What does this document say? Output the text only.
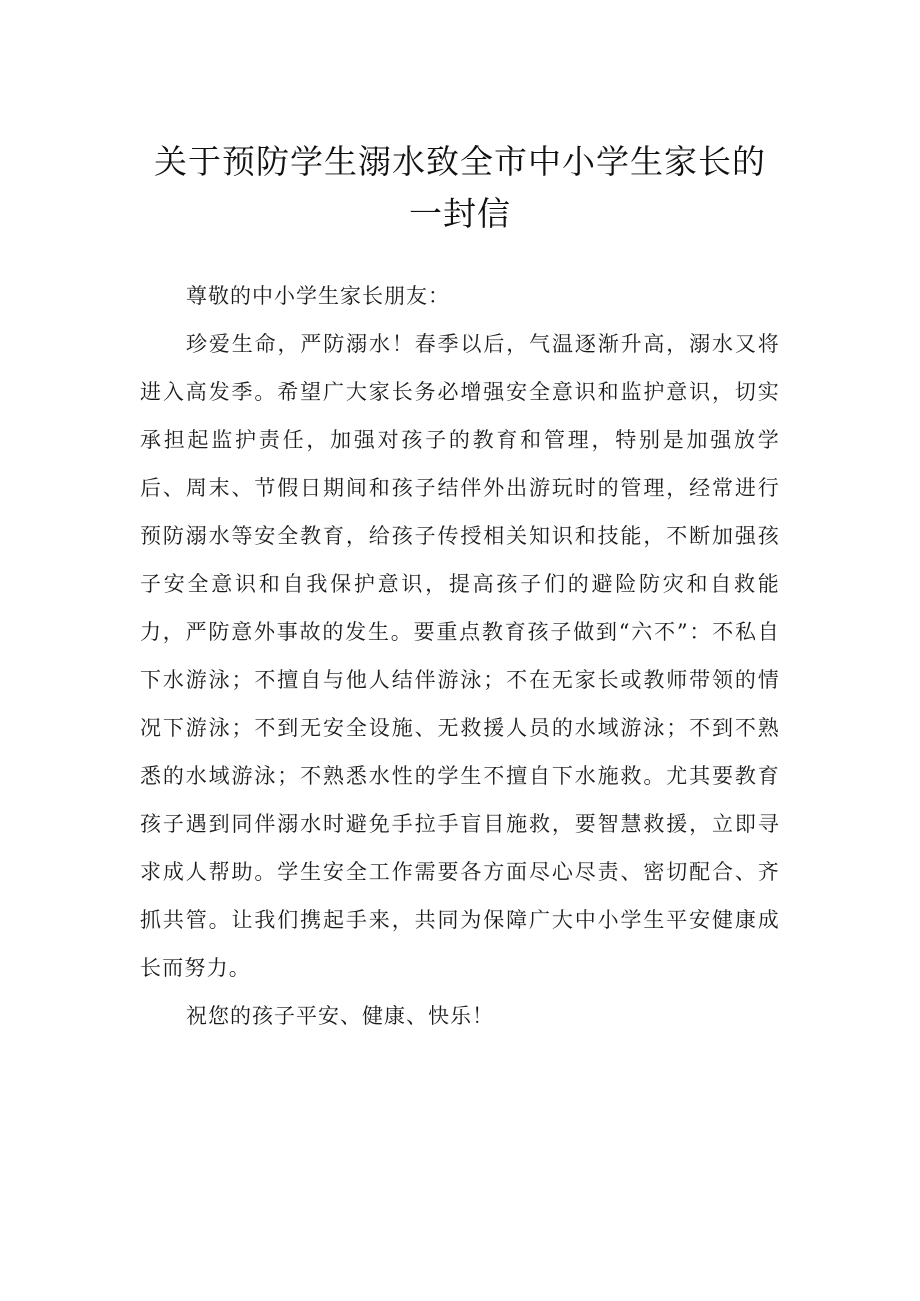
关于预防学生溺水致全市中小学生家长的
一封信

尊敬的中小学生家长朋友：

珍爱生命，严防溺水！春季以后，气温逐渐升高，溺水又将进入高发季。希望广大家长务必增强安全意识和监护意识，切实承担起监护责任，加强对孩子的教育和管理，特别是加强放学后、周末、节假日期间和孩子结伴外出游玩时的管理，经常进行预防溺水等安全教育，给孩子传授相关知识和技能，不断加强孩子安全意识和自我保护意识，提高孩子们的避险防灾和自救能力，严防意外事故的发生。要重点教育孩子做到“六不”：不私自下水游泳；不擅自与他人结伴游泳；不在无家长或教师带领的情况下游泳；不到无安全设施、无救援人员的水域游泳；不到不熟悉的水域游泳；不熟悉水性的学生不擅自下水施救。尤其要教育孩子遇到同伴溺水时避免手拉手盲目施救，要智慧救援，立即寻求成人帮助。学生安全工作需要各方面尽心尽责、密切配合、齐抓共管。让我们携起手来，共同为保障广大中小学生平安健康成长而努力。

祝您的孩子平安、健康、快乐！
